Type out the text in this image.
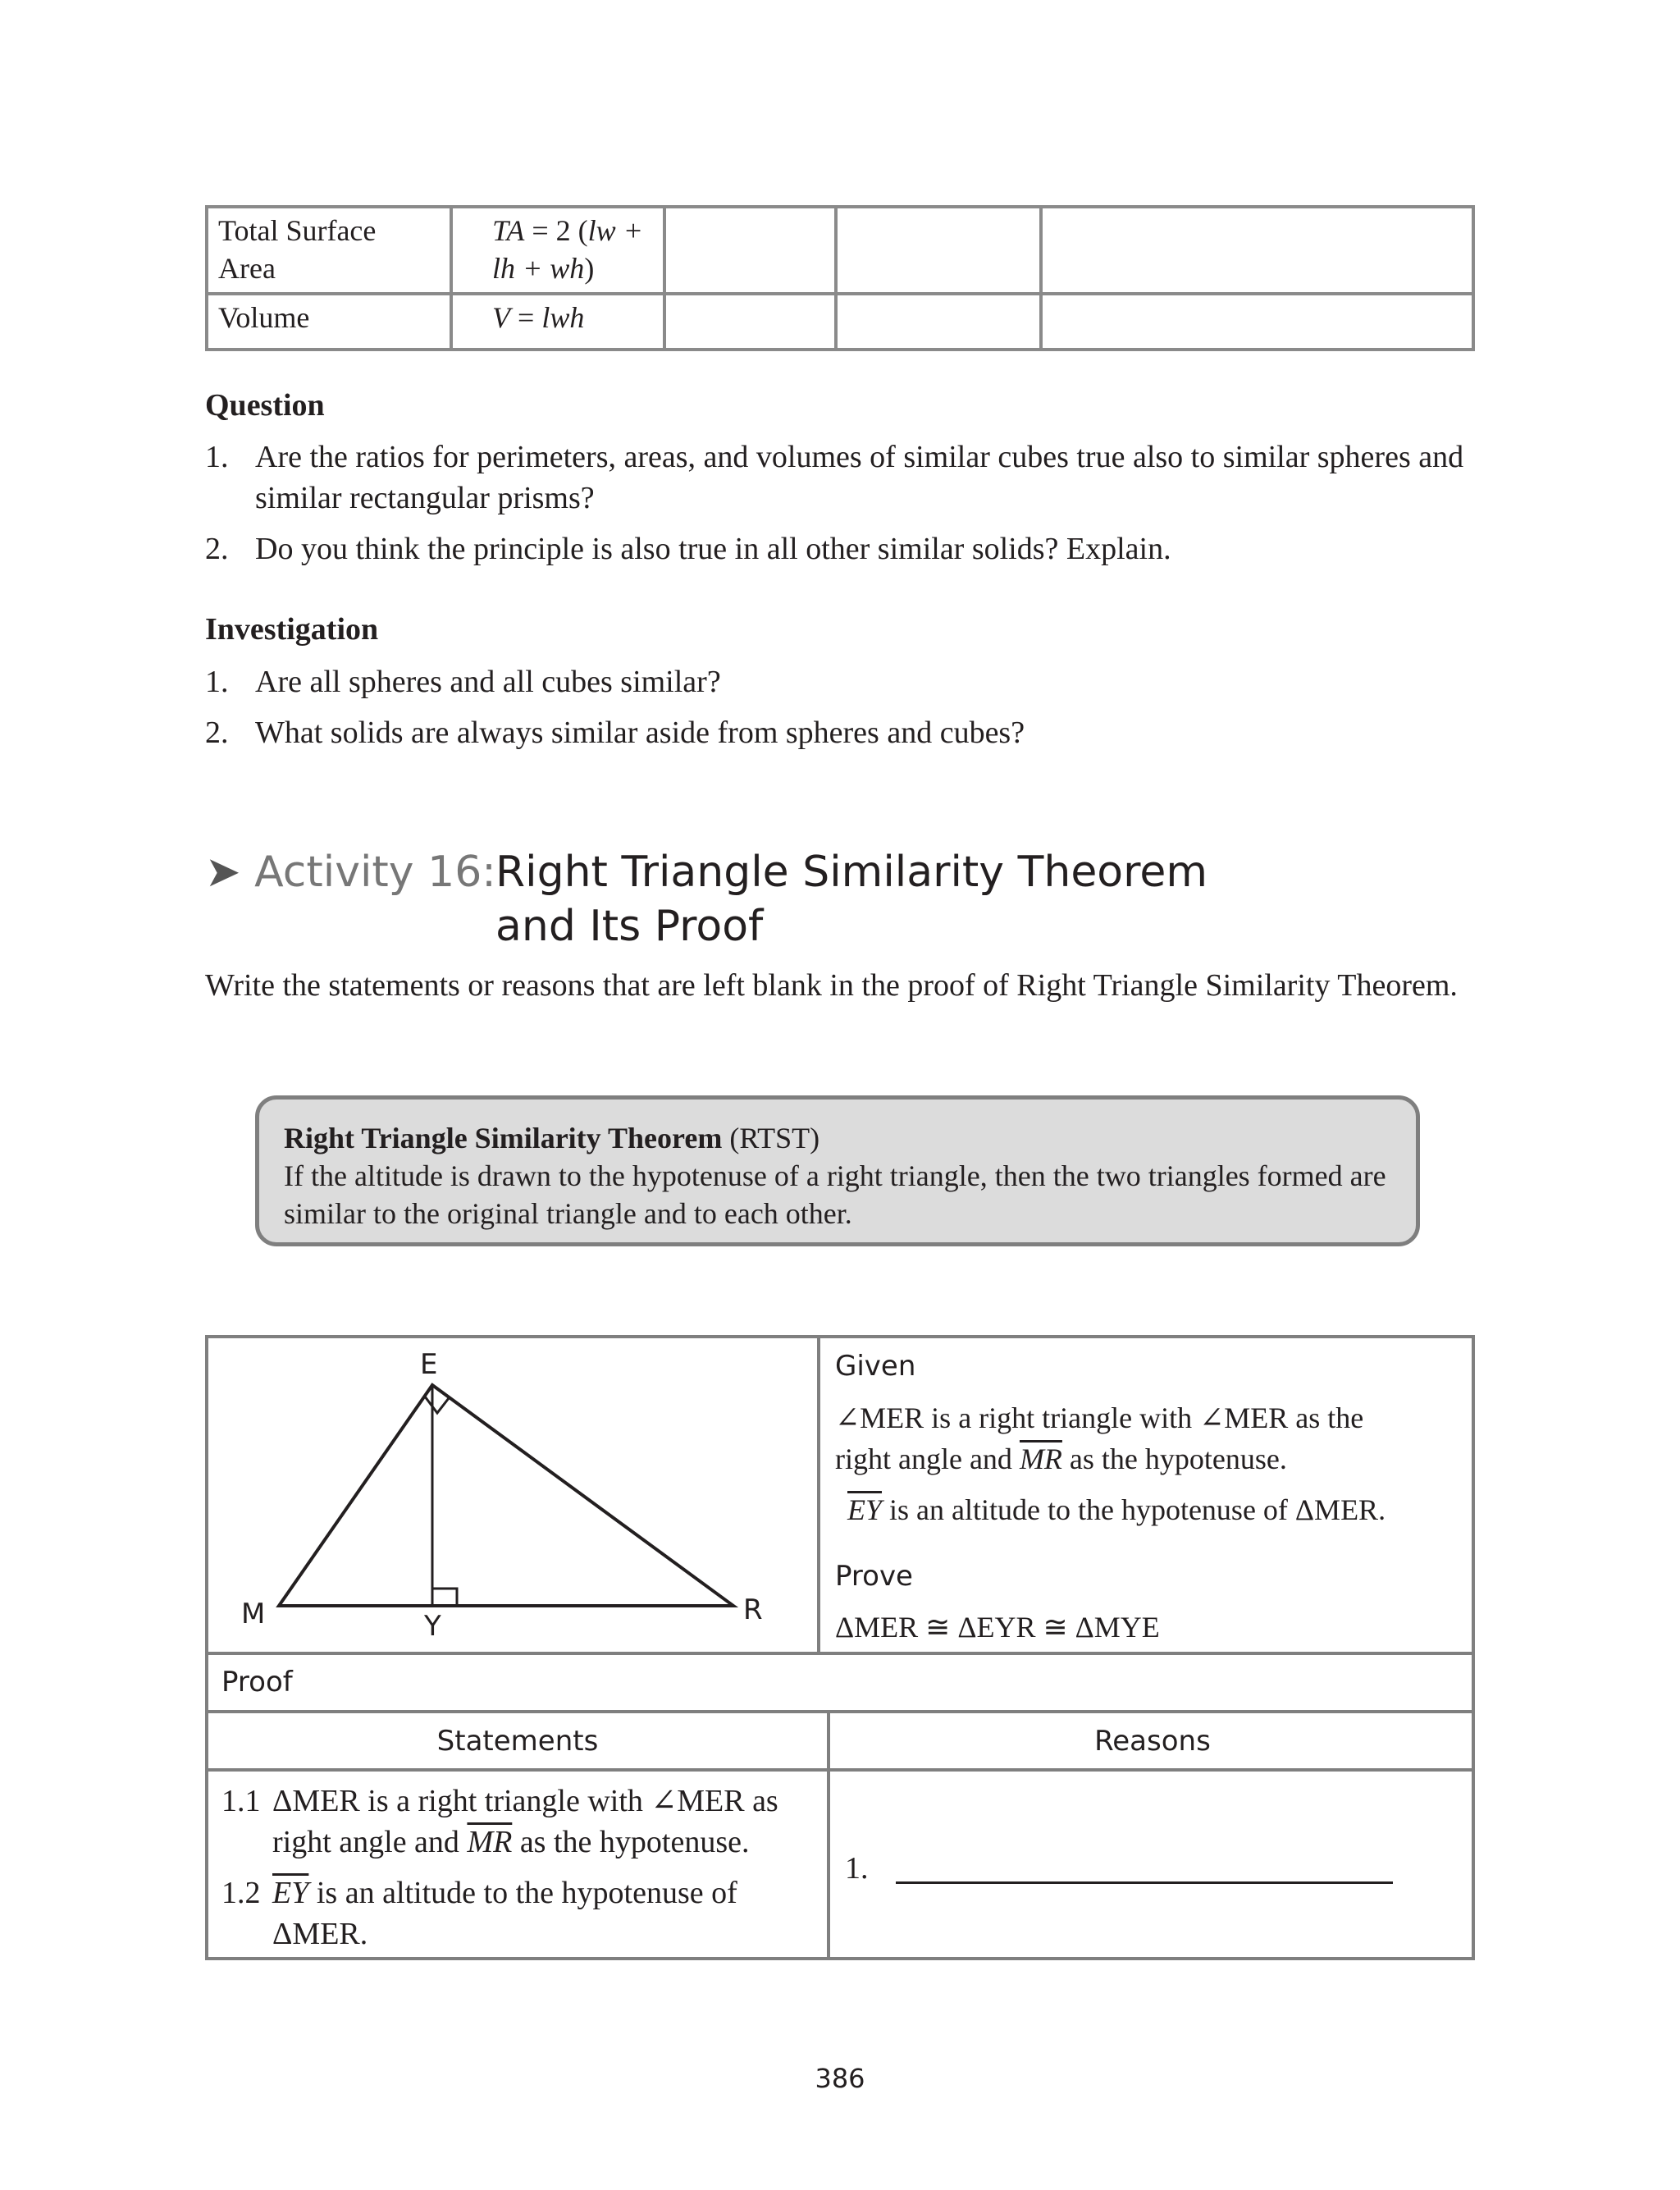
Total Surface Area	TA = 2 (lw + lh + wh)			
Volume	V = lwh			
Question
1. Are the ratios for perimeters, areas, and volumes of similar cubes true also to similar spheres and similar rectangular prisms?
2. Do you think the principle is also true in all other similar solids? Explain.
Investigation
1. Are all spheres and all cubes similar?
2. What solids are always similar aside from spheres and cubes?
➤ Activity 16: Right Triangle Similarity Theorem
and Its Proof
Write the statements or reasons that are left blank in the proof of Right Triangle Similarity Theorem.
Right Triangle Similarity Theorem (RTST)
If the altitude is drawn to the hypotenuse of a right triangle, then the two triangles formed are similar to the original triangle and to each other.
E
M	R
Y
Given
∠MER is a right triangle with ∠MER as the
right angle and $\overline{MR}$ as the hypotenuse.
$\overline{EY}$ is an altitude to the hypotenuse of ΔMER.
Prove
ΔMER ≅ ΔEYR ≅ ΔMYE
Proof
Statements	Reasons
1.1 ΔMER is a right triangle with ∠MER as
right angle and $\overline{MR}$ as the hypotenuse.
1.2 $\overline{EY}$ is an altitude to the hypotenuse of
ΔMER.
1.
386
